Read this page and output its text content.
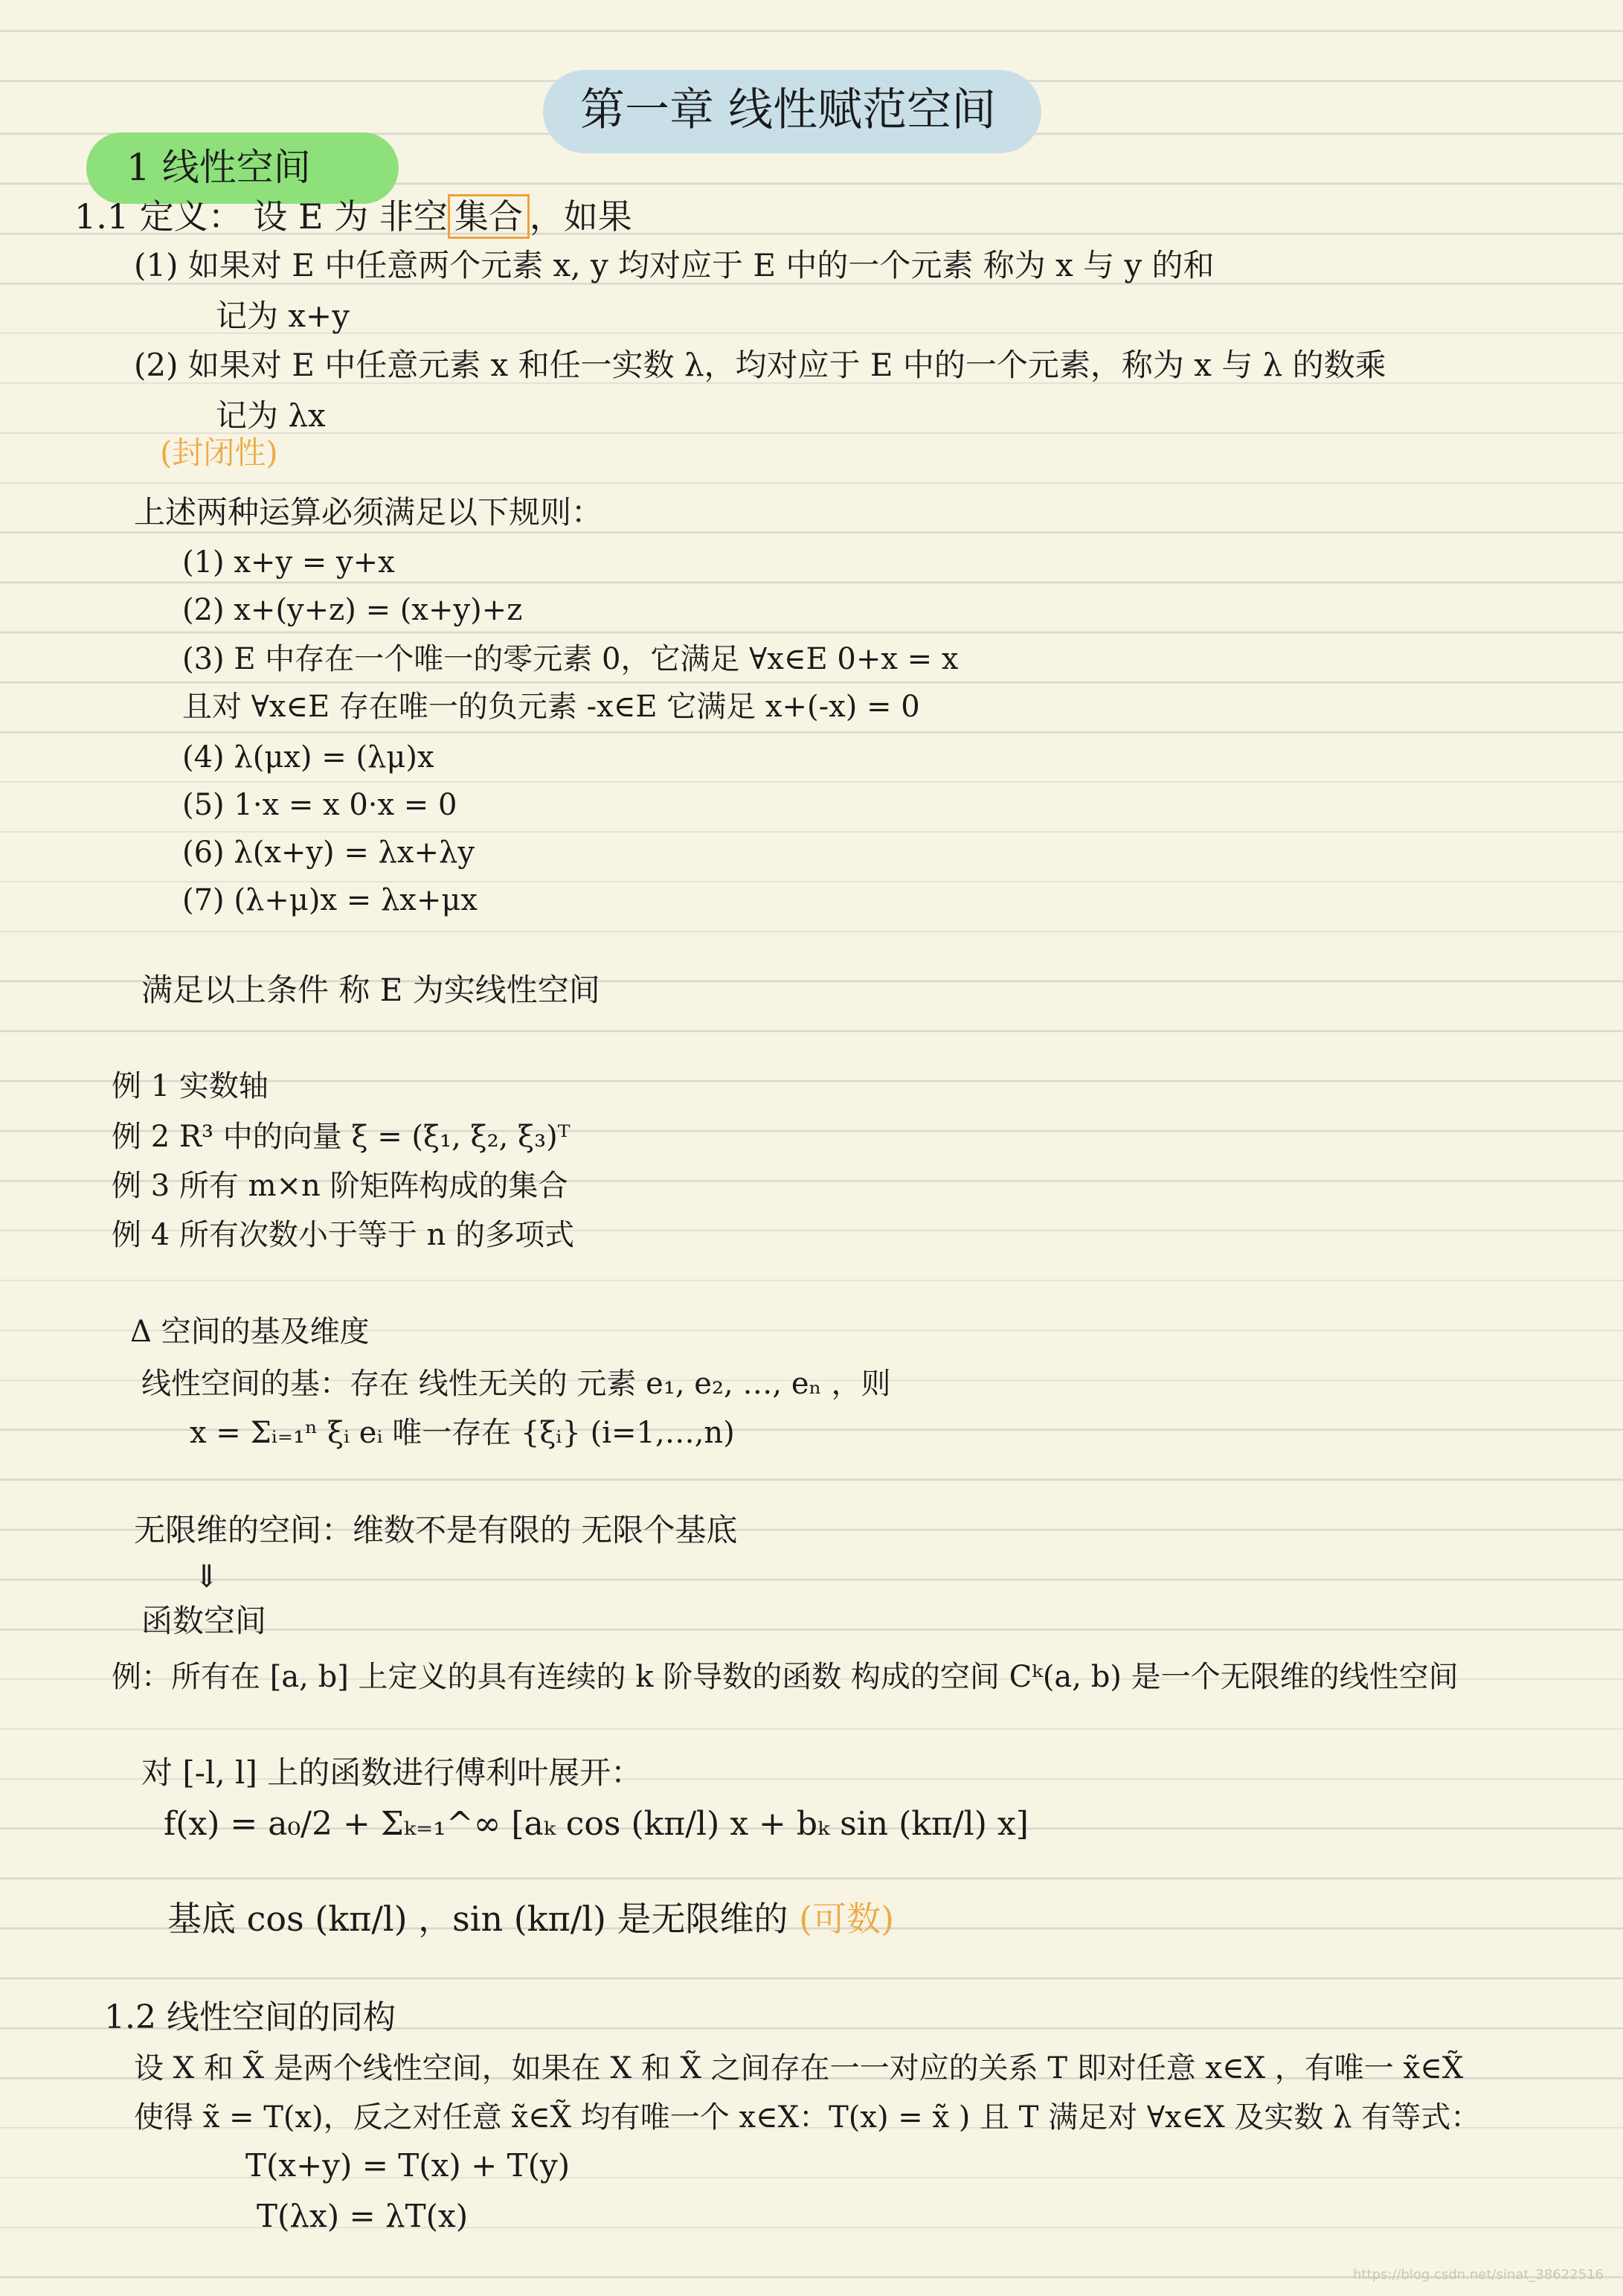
第一章 线性赋范空间
1 线性空间
1.1 定义： 设 E 为 非空 集合 ，如果
(1) 如果对 E 中任意两个元素 x, y 均对应于 E 中的一个元素 称为 x 与 y 的和
记为 x+y
(2) 如果对 E 中任意元素 x 和任一实数 λ，均对应于 E 中的一个元素，称为 x 与 λ 的数乘
记为 λx
(封闭性)
上述两种运算必须满足以下规则：
(1) x+y = y+x
(2) x+(y+z) = (x+y)+z
(3) E 中存在一个唯一的零元素 0，它满足 ∀x∈E 0+x = x
且对 ∀x∈E 存在唯一的负元素 -x∈E 它满足 x+(-x) = 0
(4) λ(μx) = (λμ)x
(5) 1·x = x 0·x = 0
(6) λ(x+y) = λx+λy
(7) (λ+μ)x = λx+μx
满足以上条件 称 E 为实线性空间
例 1 实数轴
例 2 R³ 中的向量 ξ = (ξ₁, ξ₂, ξ₃)ᵀ
例 3 所有 m×n 阶矩阵构成的集合
例 4 所有次数小于等于 n 的多项式
Δ 空间的基及维度
线性空间的基：存在 线性无关的 元素 e₁, e₂, …, eₙ ，则
x = Σᵢ₌₁ⁿ ξᵢ eᵢ 唯一存在 {ξᵢ} (i=1,…,n)
无限维的空间：维数不是有限的 无限个基底
⇓
函数空间
例：所有在 [a, b] 上定义的具有连续的 k 阶导数的函数 构成的空间 Cᵏ(a, b) 是一个无限维的线性空间
对 [-l, l] 上的函数进行傅利叶展开：
f(x) = a₀/2 + Σₖ₌₁^∞ [aₖ cos (kπ/l) x + bₖ sin (kπ/l) x]
基底 cos (kπ/l) ，sin (kπ/l) 是无限维的 (可数)
1.2 线性空间的同构
设 X 和 X̃ 是两个线性空间，如果在 X 和 X̃ 之间存在一一对应的关系 T 即对任意 x∈X ，有唯一 x̃∈X̃
使得 x̃ = T(x)，反之对任意 x̃∈X̃ 均有唯一个 x∈X：T(x) = x̃ ) 且 T 满足对 ∀x∈X 及实数 λ 有等式：
T(x+y) = T(x) + T(y)
T(λx) = λT(x)
https://blog.csdn.net/sinat_38622516
